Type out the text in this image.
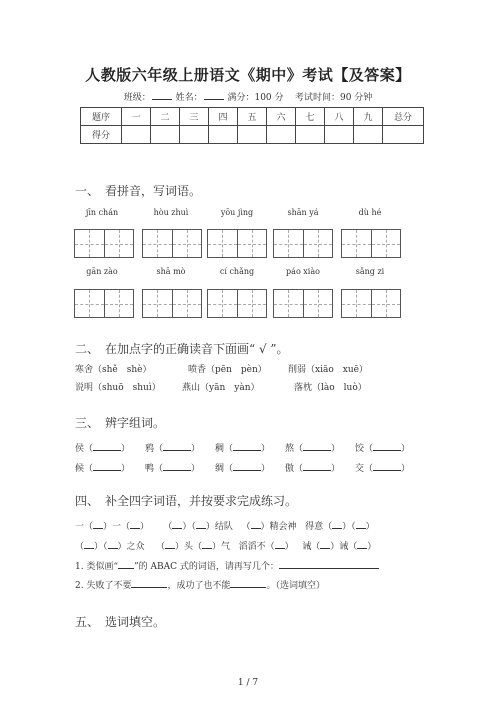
人教版六年级上册语文《期中》考试【及答案】
班级：	姓名：	满分：100 分 考试时间：90 分钟
题序	一	二	三	四	五	六	七	八	九	总分
得分										
一、　看拼音，写词语。
jīn chán	hòu zhuì	yōu jìng	shān yá	dù hé
gān zào	shā mò	cí chǎng	páo xiào	sǎng zi
二、　在加点字的正确读音下面画“ √ ”。
寒舍（shě　shè）	喷香（pēn　pèn） 削弱（xiāo　xuē）
说明（shuō　shuì） 燕山（yān　yàn）	落枕（lào　luò）
三、　辨字组词。
侯（	） 鸦（	） 稠（	） 熬（	） 饺（	）
候（	） 鸭（	） 绸（	） 傲（	） 交（	）
四、　补全四字词语，并按要求完成练习。
一（ ）一（ ） （ ）（ ）结队 （ ）精会神 得意（ ）（ ）
（ ）（ ）之众 （ ）头（ ）气 滔滔不（ ） 诫（ ）诫（ ）
1. 类似画“ ”的 ABAC 式的词语，请再写几个：
2. 失败了不要	，成功了也不能	。（选词填空）
五、　选词填空。
1 / 7
